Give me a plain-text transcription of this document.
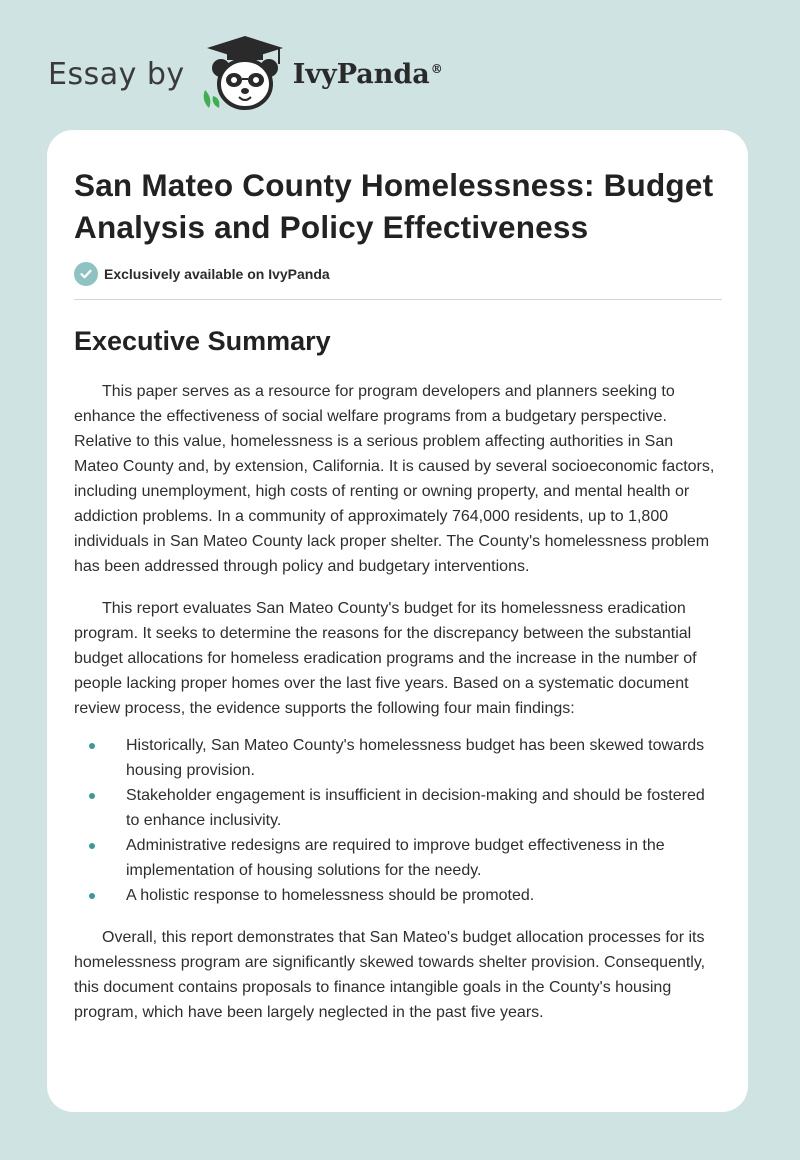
Essay by	IvyPanda®
San Mateo County Homelessness: Budget Analysis and Policy Effectiveness
Exclusively available on IvyPanda
Executive Summary

This paper serves as a resource for program developers and planners seeking to enhance the effectiveness of social welfare programs from a budgetary perspective. Relative to this value, homelessness is a serious problem affecting authorities in San Mateo County and, by extension, California. It is caused by several socioeconomic factors, including unemployment, high costs of renting or owning property, and mental health or addiction problems. In a community of approximately 764,000 residents, up to 1,800 individuals in San Mateo County lack proper shelter. The County's homelessness problem has been addressed through policy and budgetary interventions.

This report evaluates San Mateo County's budget for its homelessness eradication program. It seeks to determine the reasons for the discrepancy between the substantial budget allocations for homeless eradication programs and the increase in the number of people lacking proper homes over the last five years. Based on a systematic document review process, the evidence supports the following four main findings:

Historically, San Mateo County's homelessness budget has been skewed towards housing provision.
Stakeholder engagement is insufficient in decision-making and should be fostered to enhance inclusivity.
Administrative redesigns are required to improve budget effectiveness in the implementation of housing solutions for the needy.
A holistic response to homelessness should be promoted.

Overall, this report demonstrates that San Mateo's budget allocation processes for its homelessness program are significantly skewed towards shelter provision. Consequently, this document contains proposals to finance intangible goals in the County's housing program, which have been largely neglected in the past five years.
